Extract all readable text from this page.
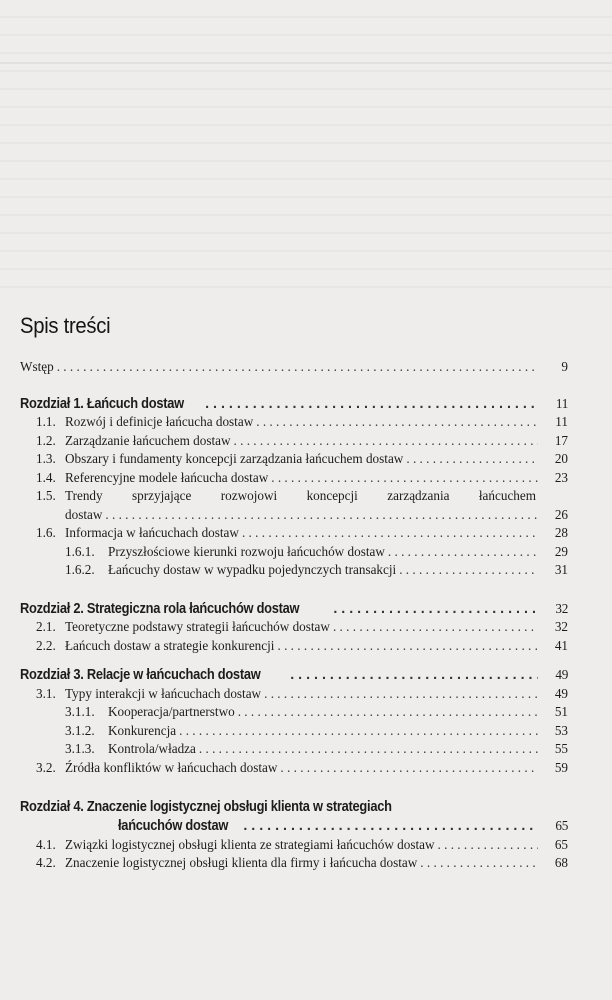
Spis treści
Wstęp . . .	9
Rozdział 1. Łańcuch dostaw . . .	11
1.1. Rozwój i definicje łańcucha dostaw . . .	11
1.2. Zarządzanie łańcuchem dostaw . . .	17
1.3. Obszary i fundamenty koncepcji zarządzania łańcuchem dostaw . . .	20
1.4. Referencyjne modele łańcucha dostaw . . .	23
1.5. Trendy sprzyjające rozwojowi koncepcji zarządzania łańcuchem
dostaw . . .	26
1.6. Informacja w łańcuchach dostaw . . .	28
1.6.1. Przyszłościowe kierunki rozwoju łańcuchów dostaw . . .	29
1.6.2. Łańcuchy dostaw w wypadku pojedynczych transakcji . . .	31
Rozdział 2. Strategiczna rola łańcuchów dostaw . . .	32
2.1. Teoretyczne podstawy strategii łańcuchów dostaw . . .	32
2.2. Łańcuch dostaw a strategie konkurencji . . .	41
Rozdział 3. Relacje w łańcuchach dostaw . . .	49
3.1. Typy interakcji w łańcuchach dostaw . . .	49
3.1.1. Kooperacja/partnerstwo . . .	51
3.1.2. Konkurencja . . .	53
3.1.3. Kontrola/władza . . .	55
3.2. Źródła konfliktów w łańcuchach dostaw . . .	59
Rozdział 4. Znaczenie logistycznej obsługi klienta w strategiach
łańcuchów dostaw . . .	65
4.1. Związki logistycznej obsługi klienta ze strategiami łańcuchów dostaw . . .	65
4.2. Znaczenie logistycznej obsługi klienta dla firmy i łańcucha dostaw . . .	68
